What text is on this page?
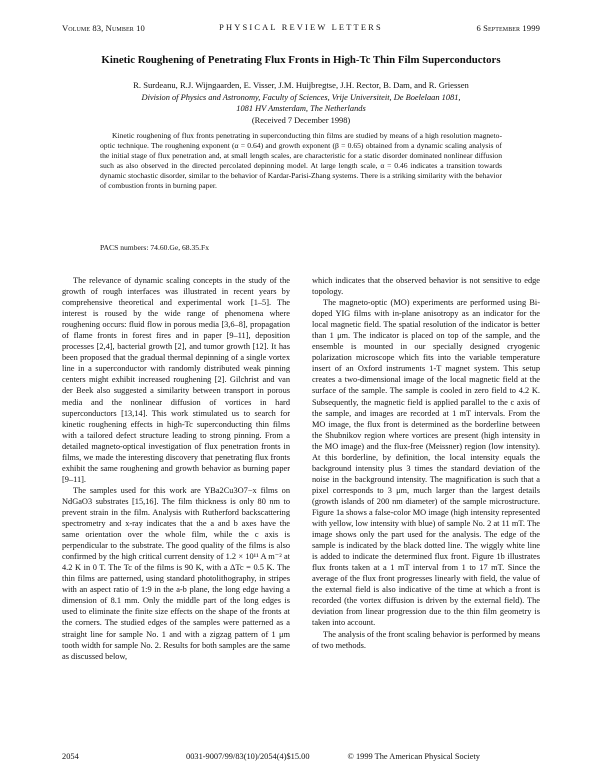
Volume 83, Number 10	PHYSICAL REVIEW LETTERS	6 September 1999
Kinetic Roughening of Penetrating Flux Fronts in High-Tc Thin Film Superconductors
R. Surdeanu, R.J. Wijngaarden, E. Visser, J.M. Huijbregtse, J.H. Rector, B. Dam, and R. Griessen
Division of Physics and Astronomy, Faculty of Sciences, Vrije Universiteit, De Boelelaan 1081,
1081 HV Amsterdam, The Netherlands
(Received 7 December 1998)
Kinetic roughening of flux fronts penetrating in superconducting thin films are studied by means of a high resolution magneto-optic technique. The roughening exponent (α = 0.64) and growth exponent (β = 0.65) obtained from a dynamic scaling analysis of the initial stage of flux penetration and, at small length scales, are characteristic for a static disorder dominated nonlinear diffusion such as also observed in the directed percolated depinning model. At large length scale, α = 0.46 indicates a transition towards dynamic stochastic disorder, similar to the behavior of Kardar-Parisi-Zhang systems. There is a striking similarity with the behavior of combustion fronts in burning paper.
PACS numbers: 74.60.Ge, 68.35.Fx

The relevance of dynamic scaling concepts in the study of the growth of rough interfaces was illustrated in recent years by comprehensive theoretical and experimental work [1–5]. The interest is roused by the wide range of phenomena where roughening occurs: fluid flow in porous media [3,6–8], propagation of flame fronts in forest fires and in paper [9–11], deposition processes [2,4], bacterial growth [2], and tumor growth [12]. It has been proposed that the gradual thermal depinning of a single vortex line in a superconductor with randomly distributed weak pinning centers might exhibit increased roughening [2]. Gilchrist and van der Beek also suggested a similarity between transport in porous media and the nonlinear diffusion of vortices in hard superconductors [13,14]. This work stimulated us to search for kinetic roughening effects in high-Tc superconducting thin films with a tailored defect structure leading to strong pinning. From a detailed magneto-optical investigation of flux penetration fronts in films, we made the interesting discovery that penetrating flux fronts exhibit the same roughening and growth behavior as burning paper [9–11].

The samples used for this work are YBa2Cu3O7−x films on NdGaO3 substrates [15,16]. The film thickness is only 80 nm to prevent strain in the film. Analysis with Rutherford backscattering spectrometry and x-ray indicates that the a and b axes have the same orientation over the whole film, while the c axis is perpendicular to the substrate. The good quality of the films is also confirmed by the high critical current density of 1.2 × 10¹¹ A m⁻² at 4.2 K in 0 T. The Tc of the films is 90 K, with a ΔTc = 0.5 K. The thin films are patterned, using standard photolithography, in stripes with an aspect ratio of 1:9 in the a-b plane, the long edge having a dimension of 8.1 mm. Only the middle part of the long edges is used to eliminate the finite size effects on the shape of the fronts at the corners. The studied edges of the samples were patterned as a straight line for sample No. 1 and with a zigzag pattern of 1 μm tooth width for sample No. 2. Results for both samples are the same as discussed below,

which indicates that the observed behavior is not sensitive to edge topology.

The magneto-optic (MO) experiments are performed using Bi-doped YIG films with in-plane anisotropy as an indicator for the local magnetic field. The spatial resolution of the indicator is better than 1 μm. The indicator is placed on top of the sample, and the ensemble is mounted in our specially designed cryogenic polarization microscope which fits into the variable temperature insert of an Oxford instruments 1-T magnet system. This setup creates a two-dimensional image of the local magnetic field at the surface of the sample. The sample is cooled in zero field to 4.2 K. Subsequently, the magnetic field is applied parallel to the c axis of the sample, and images are recorded at 1 mT intervals. From the MO image, the flux front is determined as the borderline between the Shubnikov region where vortices are present (high intensity in the MO image) and the flux-free (Meissner) region (low intensity). At this borderline, by definition, the local intensity equals the background intensity plus 3 times the standard deviation of the noise in the background intensity. The magnification is such that a pixel corresponds to 3 μm, much larger than the largest details (growth islands of 200 nm diameter) of the sample microstructure. Figure 1a shows a false-color MO image (high intensity represented with yellow, low intensity with blue) of sample No. 2 at 11 mT. The image shows only the part used for the analysis. The edge of the sample is indicated by the black dotted line. The wiggly white line is added to indicate the determined flux front. Figure 1b illustrates flux fronts taken at a 1 mT interval from 1 to 17 mT. Since the average of the flux front progresses linearly with field, the value of the external field is also indicative of the time at which a front is recorded (the vortex diffusion is driven by the external field). The deviation from linear progression due to the thin film geometry is taken into account.

The analysis of the front scaling behavior is performed by means of two methods.

2054	0031-9007/99/83(10)/2054(4)$15.00	© 1999 The American Physical Society
